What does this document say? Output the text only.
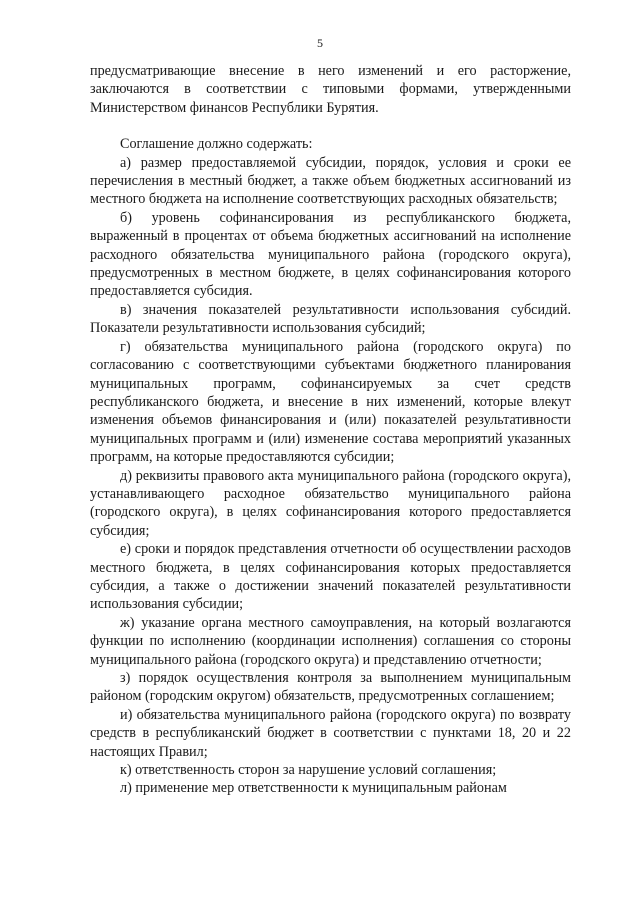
5

предусматривающие внесение в него изменений и его расторжение, заключаются в соответствии с типовыми формами, утвержденными Министерством финансов Республики Бурятия.

Соглашение должно содержать:

а) размер предоставляемой субсидии, порядок, условия и сроки ее перечисления в местный бюджет, а также объем бюджетных ассигнований из местного бюджета на исполнение соответствующих расходных обязательств;

б) уровень софинансирования из республиканского бюджета, выраженный в процентах от объема бюджетных ассигнований на исполнение расходного обязательства муниципального района (городского округа), предусмотренных в местном бюджете, в целях софинансирования которого предоставляется субсидия.

в) значения показателей результативности использования субсидий. Показатели результативности использования субсидий;

г) обязательства муниципального района (городского округа) по согласованию с соответствующими субъектами бюджетного планирования муниципальных программ, софинансируемых за счет средств республиканского бюджета, и внесение в них изменений, которые влекут изменения объемов финансирования и (или) показателей результативности муниципальных программ и (или) изменение состава мероприятий указанных программ, на которые предоставляются субсидии;

д) реквизиты правового акта муниципального района (городского округа), устанавливающего расходное обязательство муниципального района (городского округа), в целях софинансирования которого предоставляется субсидия;

е) сроки и порядок представления отчетности об осуществлении расходов местного бюджета, в целях софинансирования которых предоставляется субсидия, а также о достижении значений показателей результативности использования субсидии;

ж) указание органа местного самоуправления, на который возлагаются функции по исполнению (координации исполнения) соглашения со стороны муниципального района (городского округа) и представлению отчетности;

з) порядок осуществления контроля за выполнением муниципальным районом (городским округом) обязательств, предусмотренных соглашением;

и) обязательства муниципального района (городского округа) по возврату средств в республиканский бюджет в соответствии с пунктами 18, 20 и 22 настоящих Правил;

к) ответственность сторон за нарушение условий соглашения;

л) применение мер ответственности к муниципальным районам
